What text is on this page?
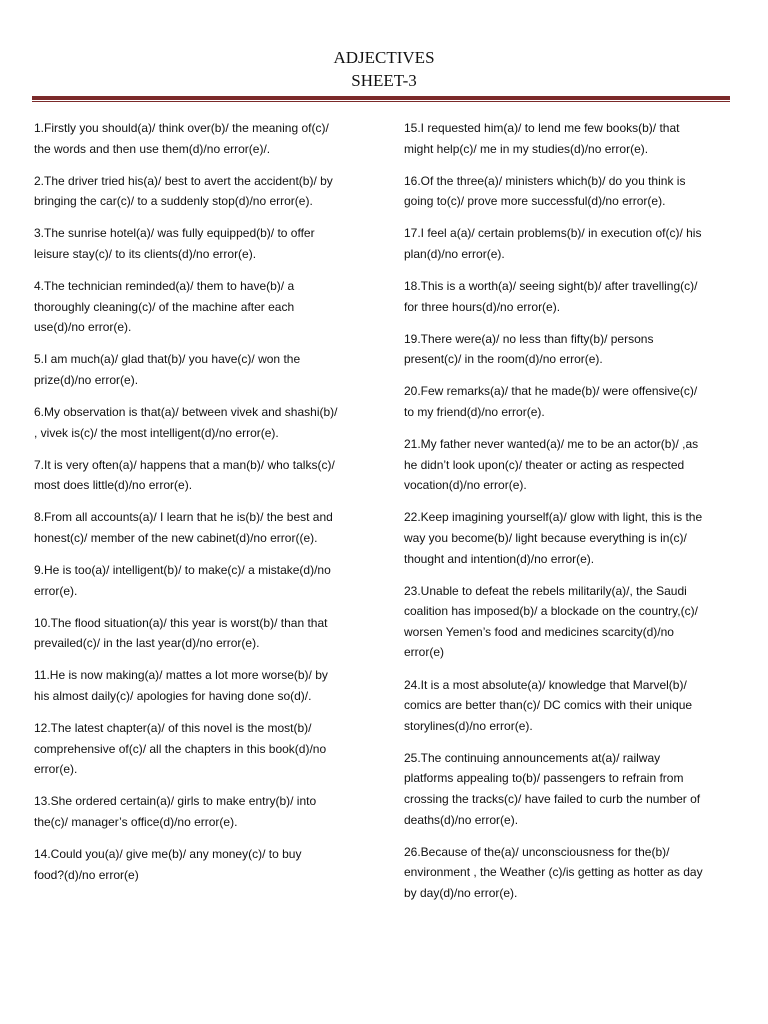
ADJECTIVES
SHEET-3

1.Firstly you should(a)/ think over(b)/ the meaning of(c)/
the words and then use them(d)/no error(e)/.

2.The driver tried his(a)/ best to avert the accident(b)/ by
bringing the car(c)/ to a suddenly stop(d)/no error(e).

3.The sunrise hotel(a)/ was fully equipped(b)/ to offer
leisure stay(c)/ to its clients(d)/no error(e).

4.The technician reminded(a)/ them to have(b)/ a
thoroughly cleaning(c)/ of the machine after each
use(d)/no error(e).

5.I am much(a)/ glad that(b)/ you have(c)/ won the
prize(d)/no error(e).

6.My observation is that(a)/ between vivek and shashi(b)/
, vivek is(c)/ the most intelligent(d)/no error(e).

7.It is very often(a)/ happens that a man(b)/ who talks(c)/
most does little(d)/no error(e).

8.From all accounts(a)/ I learn that he is(b)/ the best and
honest(c)/ member of the new cabinet(d)/no error((e).

9.He is too(a)/ intelligent(b)/ to make(c)/ a mistake(d)/no
error(e).

10.The flood situation(a)/ this year is worst(b)/ than that
prevailed(c)/ in the last year(d)/no error(e).

11.He is now making(a)/ mattes a lot more worse(b)/ by
his almost daily(c)/ apologies for having done so(d)/.

12.The latest chapter(a)/ of this novel is the most(b)/
comprehensive of(c)/ all the chapters in this book(d)/no
error(e).

13.She ordered certain(a)/ girls to make entry(b)/ into
the(c)/ manager’s office(d)/no error(e).

14.Could you(a)/ give me(b)/ any money(c)/ to buy
food?(d)/no error(e)

15.I requested him(a)/ to lend me few books(b)/ that
might help(c)/ me in my studies(d)/no error(e).

16.Of the three(a)/ ministers which(b)/ do you think is
going to(c)/ prove more successful(d)/no error(e).

17.I feel a(a)/ certain problems(b)/ in execution of(c)/ his
plan(d)/no error(e).

18.This is a worth(a)/ seeing sight(b)/ after travelling(c)/
for three hours(d)/no error(e).

19.There were(a)/ no less than fifty(b)/ persons
present(c)/ in the room(d)/no error(e).

20.Few remarks(a)/ that he made(b)/ were offensive(c)/
to my friend(d)/no error(e).

21.My father never wanted(a)/ me to be an actor(b)/ ,as
he didn’t look upon(c)/ theater or acting as respected
vocation(d)/no error(e).

22.Keep imagining yourself(a)/ glow with light, this is the
way you become(b)/ light because everything is in(c)/
thought and intention(d)/no error(e).

23.Unable to defeat the rebels militarily(a)/, the Saudi
coalition has imposed(b)/ a blockade on the country,(c)/
worsen Yemen’s food and medicines scarcity(d)/no
error(e)

24.It is a most absolute(a)/ knowledge that Marvel(b)/
comics are better than(c)/ DC comics with their unique
storylines(d)/no error(e).

25.The continuing announcements at(a)/ railway
platforms appealing to(b)/ passengers to refrain from
crossing the tracks(c)/ have failed to curb the number of
deaths(d)/no error(e).

26.Because of the(a)/ unconsciousness for the(b)/
environment , the Weather (c)/is getting as hotter as day
by day(d)/no error(e).
